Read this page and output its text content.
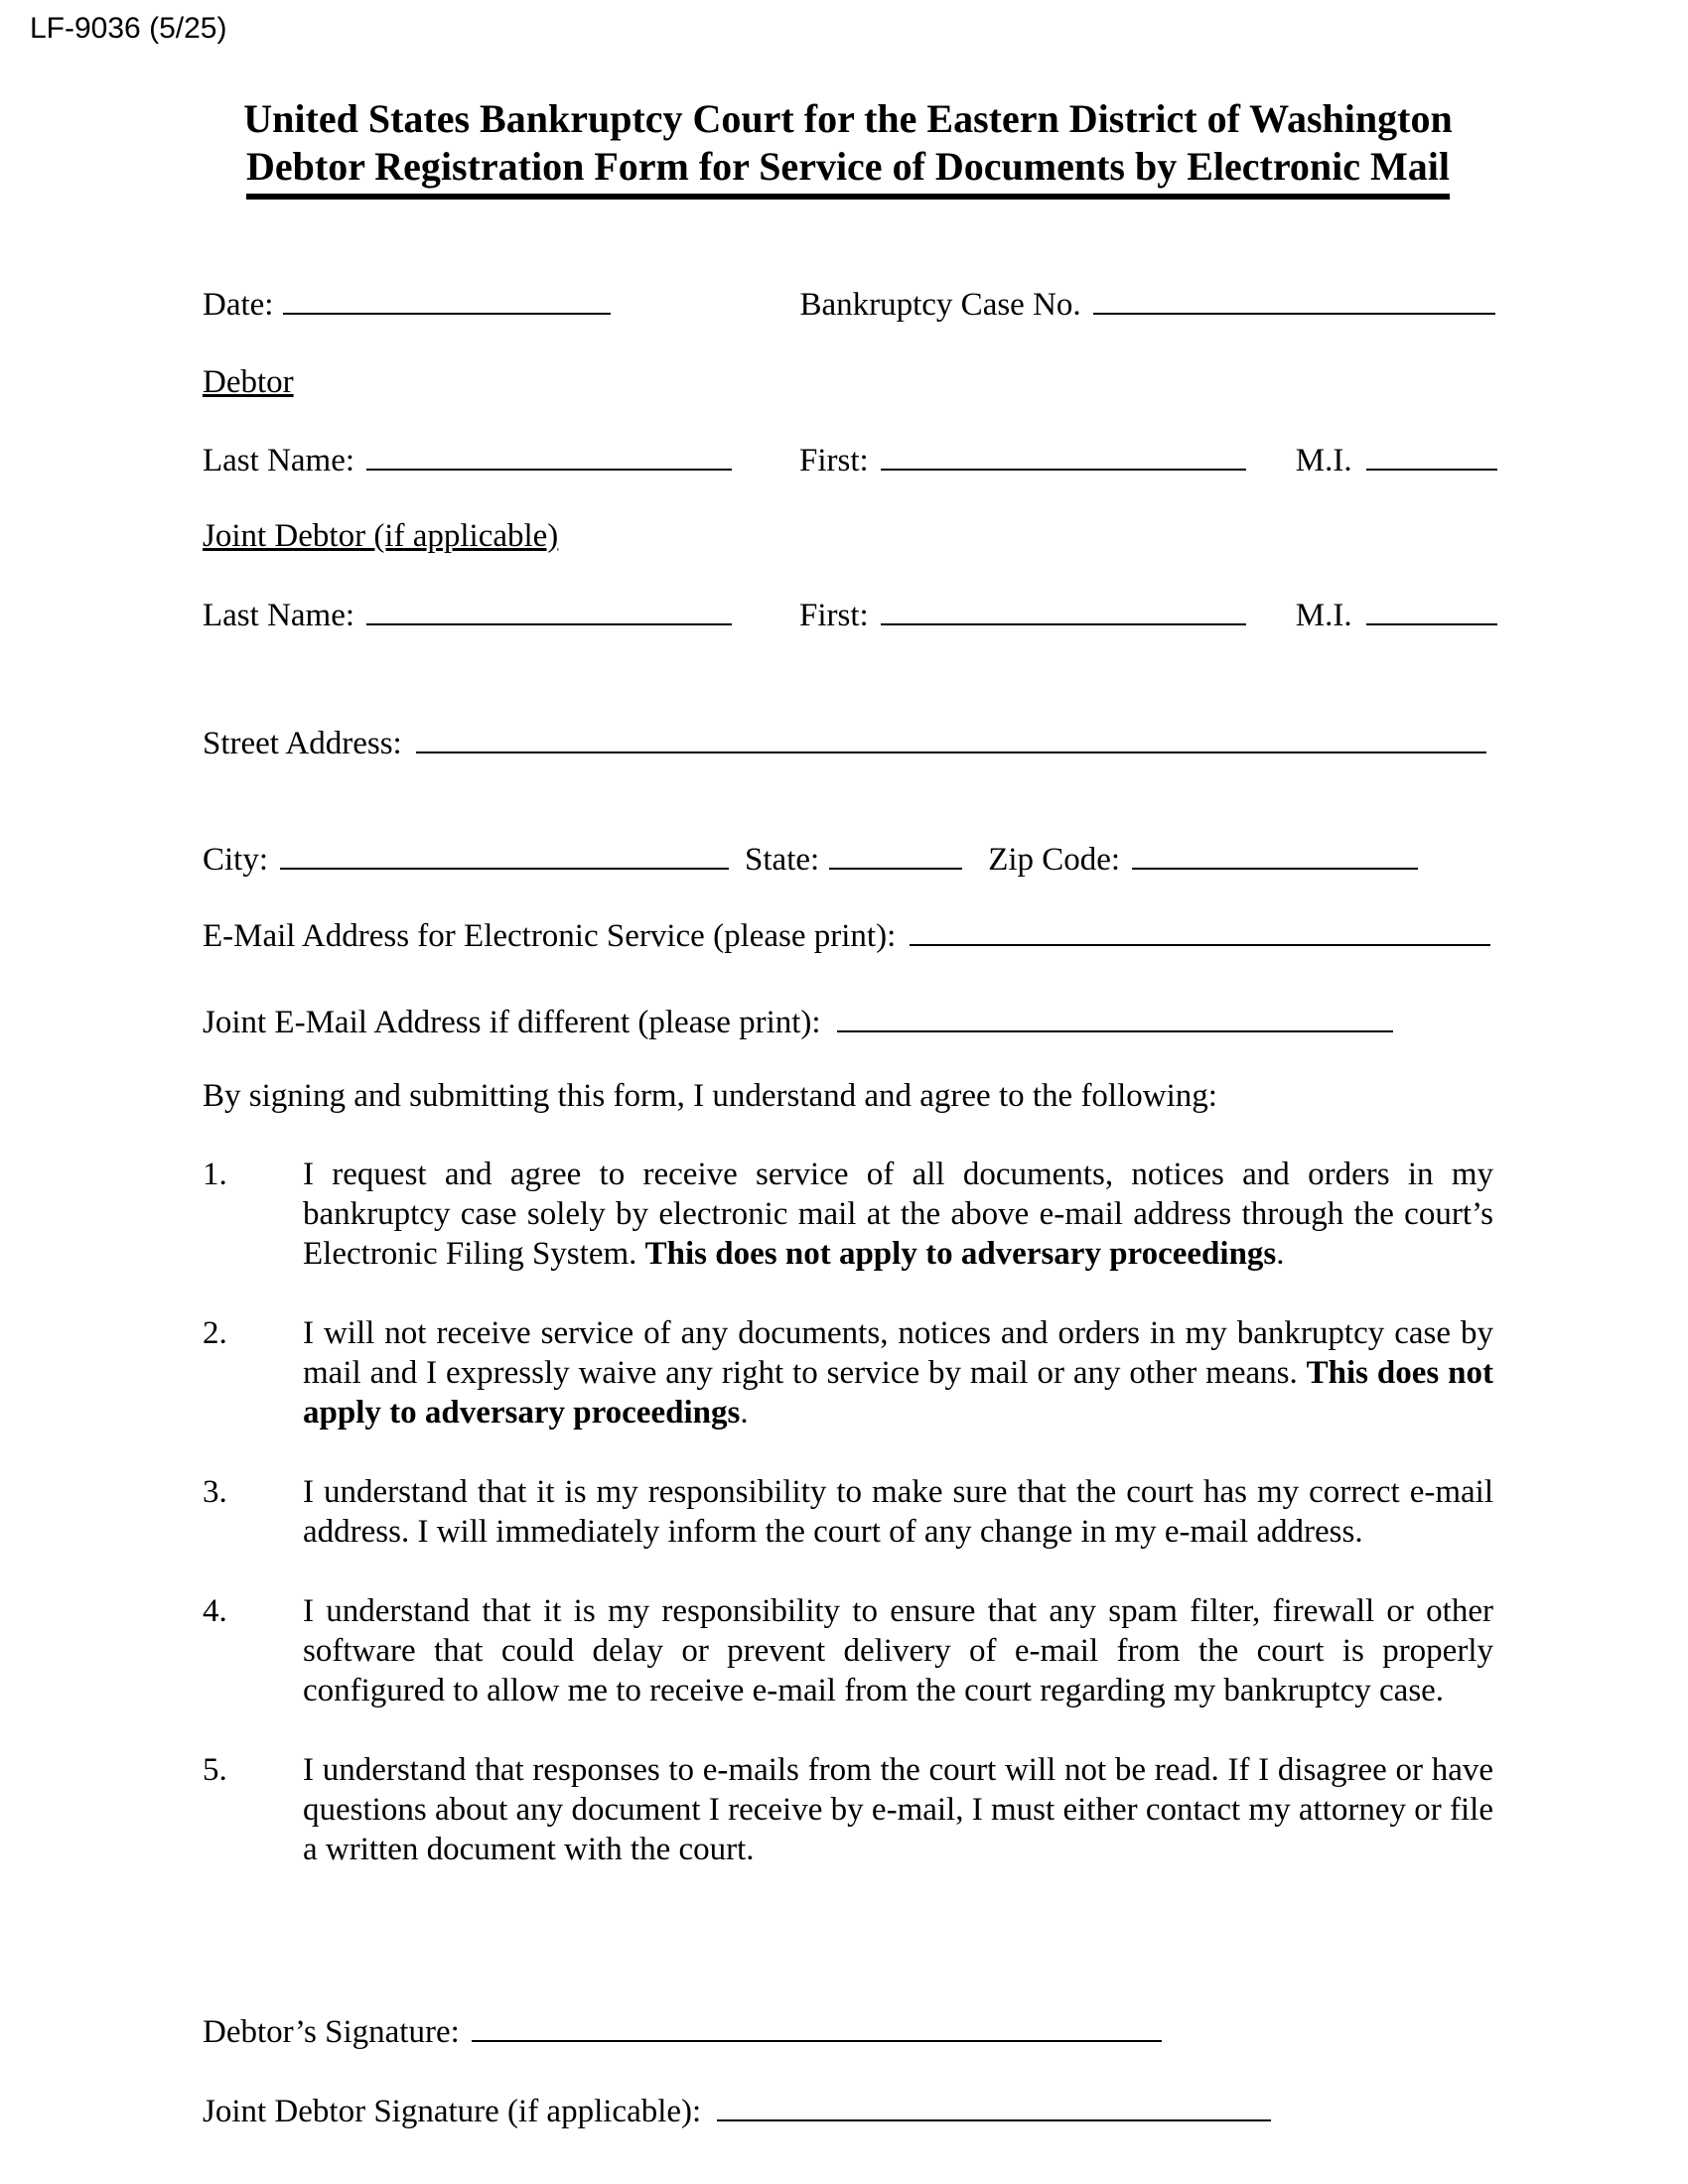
LF-9036 (5/25)
United States Bankruptcy Court for the Eastern District of Washington
Debtor Registration Form for Service of Documents by Electronic Mail
Date:	Bankruptcy Case No.
Debtor
Last Name:	First:	M.I.
Joint Debtor (if applicable)
Last Name:	First:	M.I.
Street Address:
City:	State:	Zip Code:
E-Mail Address for Electronic Service (please print):
Joint E-Mail Address if different (please print):
By signing and submitting this form, I understand and agree to the following:
1.	I request and agree to receive service of all documents, notices and orders in my bankruptcy case solely by electronic mail at the above e-mail address through the court’s Electronic Filing System. This does not apply to adversary proceedings.
2.	I will not receive service of any documents, notices and orders in my bankruptcy case by mail and I expressly waive any right to service by mail or any other means. This does not apply to adversary proceedings.
3.	I understand that it is my responsibility to make sure that the court has my correct e-mail address. I will immediately inform the court of any change in my e-mail address.
4.	I understand that it is my responsibility to ensure that any spam filter, firewall or other software that could delay or prevent delivery of e-mail from the court is properly configured to allow me to receive e-mail from the court regarding my bankruptcy case.
5.	I understand that responses to e-mails from the court will not be read. If I disagree or have questions about any document I receive by e-mail, I must either contact my attorney or file a written document with the court.
Debtor’s Signature:
Joint Debtor Signature (if applicable):
